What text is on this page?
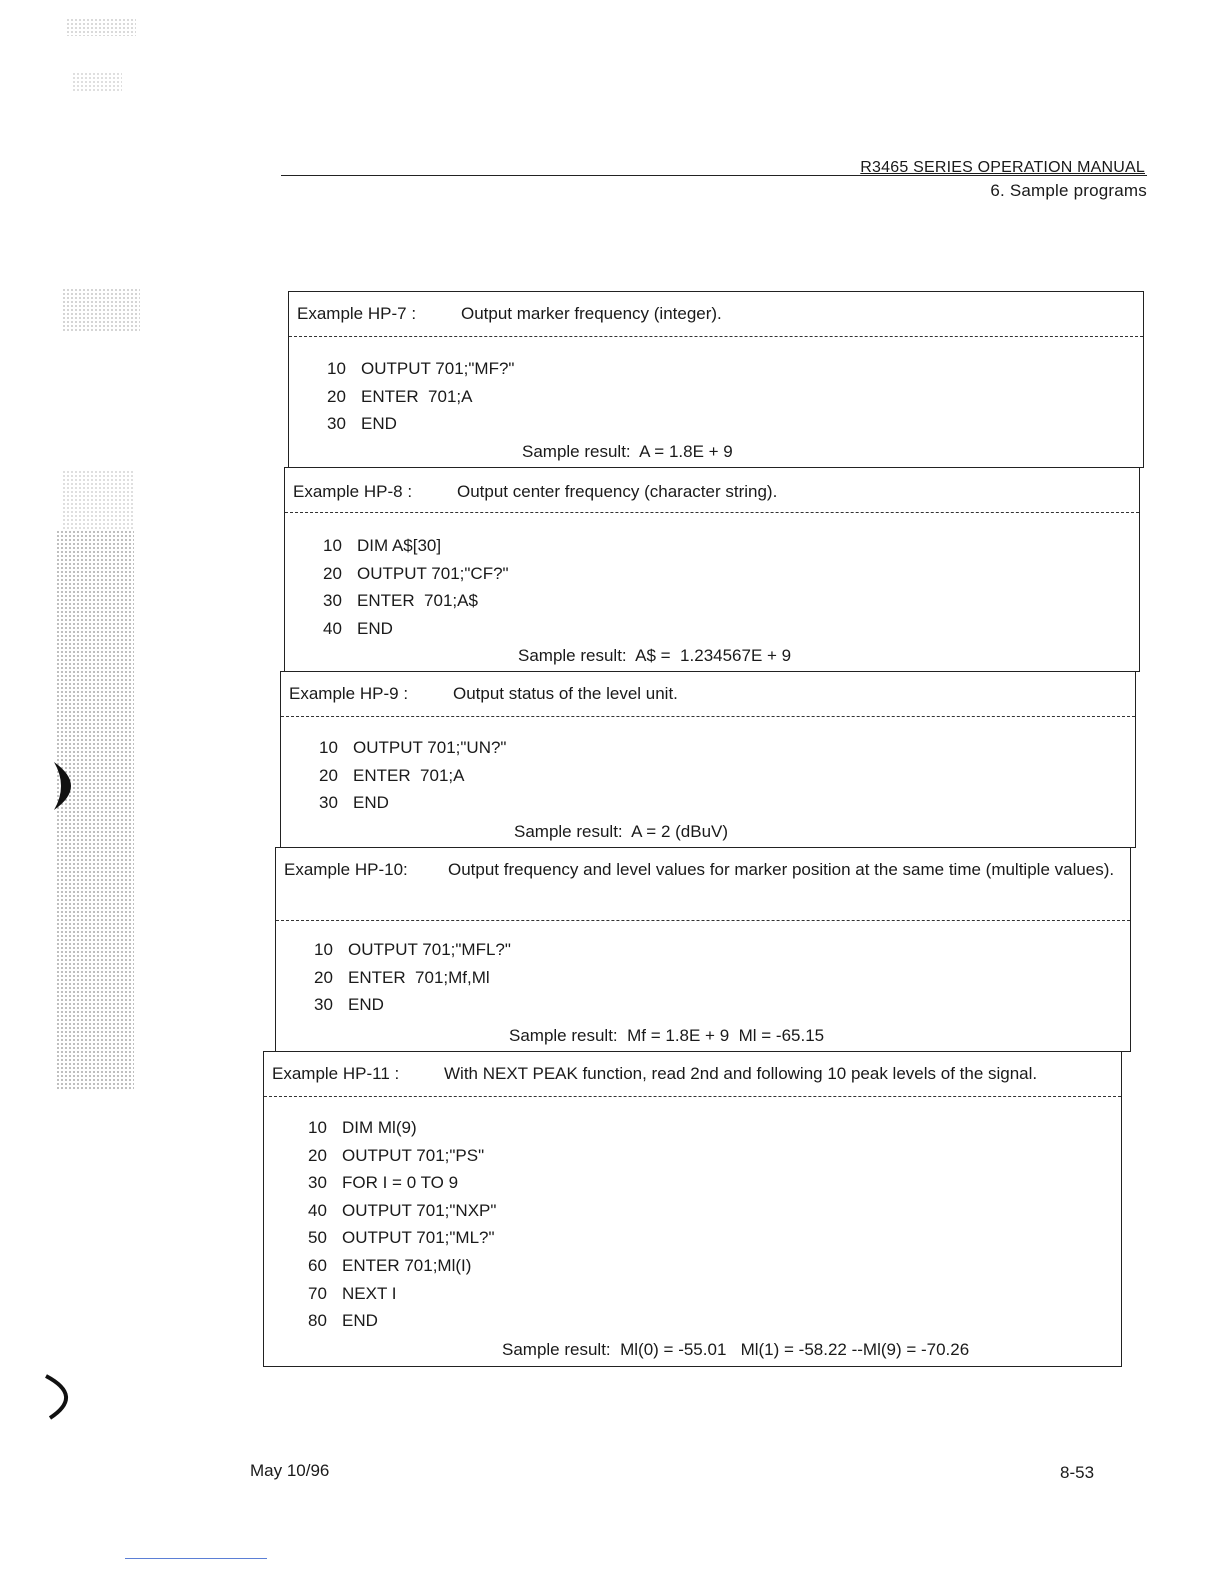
R3465 SERIES OPERATION MANUAL
6. Sample programs
Example HP-7 :	Output marker frequency (integer).
10 OUTPUT 701;"MF?"
20 ENTER  701;A
30 END
Sample result:  A = 1.8E + 9
Example HP-8 :	Output center frequency (character string).
10 DIM A$[30]
20 OUTPUT 701;"CF?"
30 ENTER  701;A$
40 END
Sample result:  A$ =  1.234567E + 9
Example HP-9 :	Output status of the level unit.
10 OUTPUT 701;"UN?"
20 ENTER  701;A
30 END
Sample result:  A = 2 (dBuV)
Example HP-10: Output frequency and level values for marker position at the same time (multiple values).
10 OUTPUT 701;"MFL?"
20 ENTER  701;Mf,Ml
30 END
Sample result:  Mf = 1.8E + 9  Ml = -65.15
Example HP-11 :	With NEXT PEAK function, read 2nd and following 10 peak levels of the signal.
10 DIM Ml(9)
20 OUTPUT 701;"PS"
30 FOR I = 0 TO 9
40 OUTPUT 701;"NXP"
50 OUTPUT 701;"ML?"
60 ENTER 701;Ml(I)
70 NEXT I
80 END
Sample result:  Ml(0) = -55.01   Ml(1) = -58.22 --Ml(9) = -70.26
May 10/96	8-53
